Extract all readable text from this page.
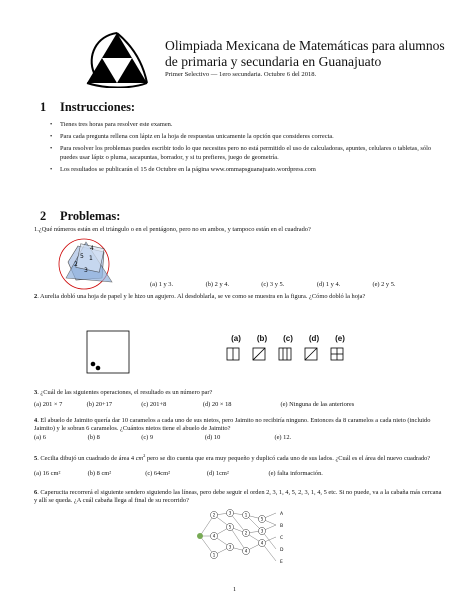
Olimpiada Mexicana de Matemáticas para alumnos
de primaria y secundaria en Guanajuato
Primer Selectivo — 1ero secundaria. Octubre 6 del 2018.
1 Instrucciones:
• Tienes tres horas para resolver este examen.
• Para cada pregunta rellena con lápiz en la hoja de respuestas unicamente la opción que consideres correcta.
• Para resolver los problemas puedes escribir todo lo que necesites pero no está permitido el uso de calculadoras, apuntes, celulares o tabletas, sólo puedes usar lápiz o pluma, sacapuntas, borrador, y si tu prefieres, juego de geometría.
• Los resultados se publicarán el 15 de Octubre en la página www.ommapsguanajuato.wordpress.com
2 Problemas:
1.¿Qué números están en el triángulo o en el pentágono, pero no en ambos, y tampoco están en el cuadrado?
4
1
5
2
3
(a) 1 y 3.	(b) 2 y 4.	(c) 3 y 5.	(d) 1 y 4.	(e) 2 y 5.
2. Aurelia dobló una hoja de papel y le hizo un agujero. Al desdoblarla, se ve como se muestra en la figura. ¿Cómo dobló la hoja?
(a)	(b)	(c)	(d)	(e)
3. ¿Cuál de las siguientes operaciones, el resultado es un número par?
(a) 201 × 7	(b) 20+17	(c) 201+8	(d) 20 × 18	(e) Ninguna de las anteriores
4. El abuelo de Jaimito quería dar 10 caramelos a cada uno de sus nietos, pero Jaimito no recibiría ninguno. Entonces da 8 caramelos a cada nieto (incluido Jaimito) y le sobran 6 caramelos. ¿Cuántos nietos tiene el abuelo de Jaimito?
(a) 6	(b) 8	(c) 9	(d) 10	(e) 12.
5. Cecilia dibujó un cuadrado de área 4 $cm^2$ pero se dio cuenta que era muy pequeño y duplicó cada uno de sus lados. ¿Cuál es el área del nuevo cuadrado?
(a) 16 cm²	(b) 8 cm²	(c) 64cm²	(d) 1cm²	(e) falta información.
6. Caperucita recorrerá el siguiente sendero siguiendo las líneas, pero debe seguir el orden 2, 3, 1, 4, 5, 2, 3, 1, 4, 5 etc. Si no puede, va a la cabaña más cercana y allí se queda. ¿A cuál cabaña llega al final de su recorrido?
2	3	1
4
5
2
1
3
4
5
3
4
A
B
C
D
E
1
